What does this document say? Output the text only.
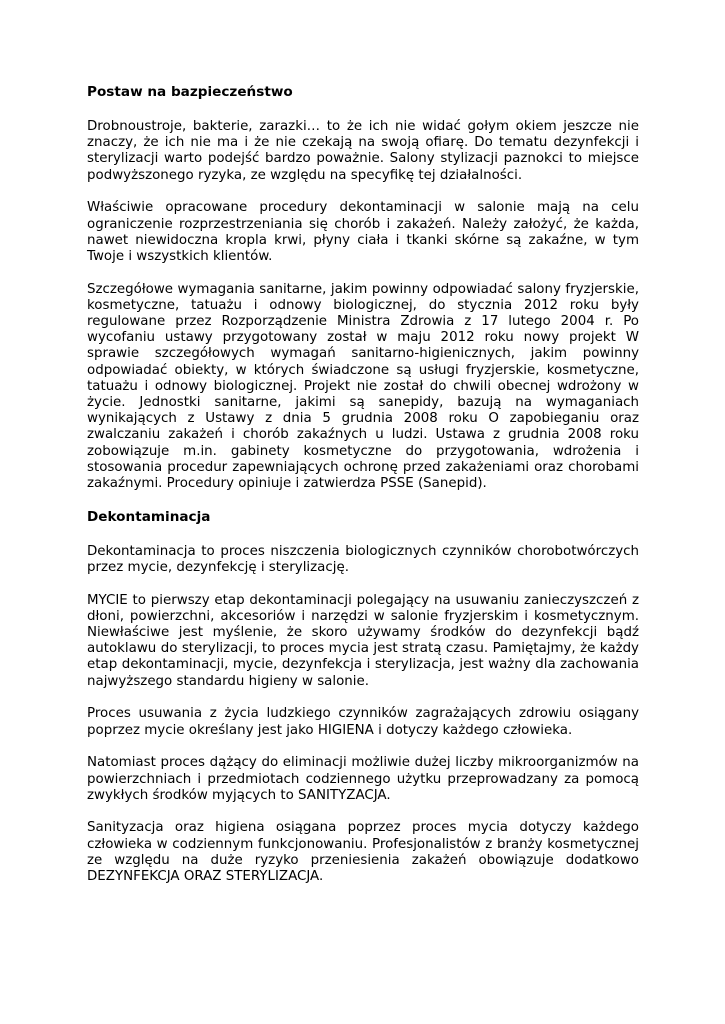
Postaw na bazpieczeństwo

Drobnoustroje, bakterie, zarazki… to że ich nie widać gołym okiem jeszcze nie znaczy, że ich nie ma i że nie czekają na swoją ofiarę. Do tematu dezynfekcji i sterylizacji warto podejść bardzo poważnie. Salony stylizacji paznokci to miejsce podwyższonego ryzyka, ze względu na specyfikę tej działalności.

Właściwie opracowane procedury dekontaminacji w salonie mają na celu ograniczenie rozprzestrzeniania się chorób i zakażeń. Należy założyć, że każda, nawet niewidoczna kropla krwi, płyny ciała i tkanki skórne są zakaźne, w tym Twoje i wszystkich klientów.

Szczegółowe wymagania sanitarne, jakim powinny odpowiadać salony fryzjerskie, kosmetyczne, tatuażu i odnowy biologicznej, do stycznia 2012 roku były regulowane przez Rozporządzenie Ministra Zdrowia z 17 lutego 2004 r. Po wycofaniu ustawy przygotowany został w maju 2012 roku nowy projekt W sprawie szczegółowych wymagań sanitarno-higienicznych, jakim powinny odpowiadać obiekty, w których świadczone są usługi fryzjerskie, kosmetyczne, tatuażu i odnowy biologicznej. Projekt nie został do chwili obecnej wdrożony w życie. Jednostki sanitarne, jakimi są sanepidy, bazują na wymaganiach wynikających z Ustawy z dnia 5 grudnia 2008 roku O zapobieganiu oraz zwalczaniu zakażeń i chorób zakaźnych u ludzi. Ustawa z grudnia 2008 roku zobowiązuje m.in. gabinety kosmetyczne do przygotowania, wdrożenia i stosowania procedur zapewniających ochronę przed zakażeniami oraz chorobami zakaźnymi. Procedury opiniuje i zatwierdza PSSE (Sanepid).

Dekontaminacja

Dekontaminacja to proces niszczenia biologicznych czynników chorobotwórczych przez mycie, dezynfekcję i sterylizację.

MYCIE to pierwszy etap dekontaminacji polegający na usuwaniu zanieczyszczeń z dłoni, powierzchni, akcesoriów i narzędzi w salonie fryzjerskim i kosmetycznym. Niewłaściwe jest myślenie, że skoro używamy środków do dezynfekcji bądź autoklawu do sterylizacji, to proces mycia jest stratą czasu. Pamiętajmy, że każdy etap dekontaminacji, mycie, dezynfekcja i sterylizacja, jest ważny dla zachowania najwyższego standardu higieny w salonie.

Proces usuwania z życia ludzkiego czynników zagrażających zdrowiu osiągany poprzez mycie określany jest jako HIGIENA i dotyczy każdego człowieka.

Natomiast proces dążący do eliminacji możliwie dużej liczby mikroorganizmów na powierzchniach i przedmiotach codziennego użytku przeprowadzany za pomocą zwykłych środków myjących to SANITYZACJA.

Sanityzacja oraz higiena osiągana poprzez proces mycia dotyczy każdego człowieka w codziennym funkcjonowaniu. Profesjonalistów z branży kosmetycznej ze względu na duże ryzyko przeniesienia zakażeń obowiązuje dodatkowo DEZYNFEKCJA ORAZ STERYLIZACJA.
